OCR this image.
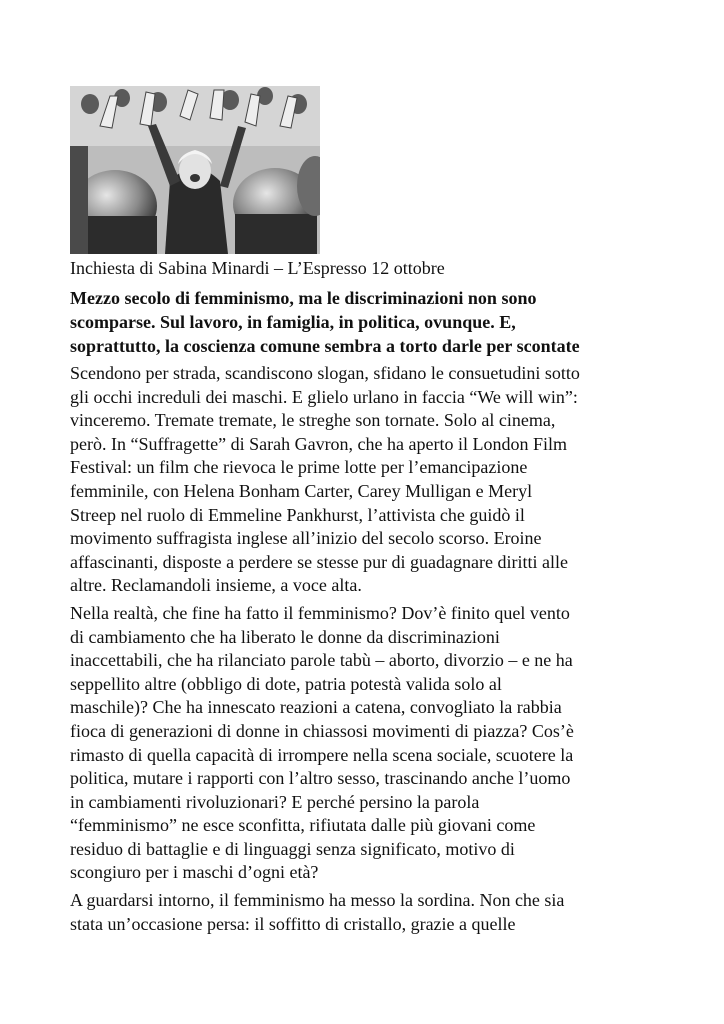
Inchiesta di Sabina Minardi – L’Espresso 12 ottobre

Mezzo secolo di femminismo, ma le discriminazioni non sono
scomparse. Sul lavoro, in famiglia, in politica, ovunque. E,
soprattutto, la coscienza comune sembra a torto darle per scontate

Scendono per strada, scandiscono slogan, sfidano le consuetudini sotto
gli occhi increduli dei maschi. E glielo urlano in faccia “We will win”:
vinceremo. Tremate tremate, le streghe son tornate. Solo al cinema,
però. In “Suffragette” di Sarah Gavron, che ha aperto il London Film
Festival: un film che rievoca le prime lotte per l’emancipazione
femminile, con Helena Bonham Carter, Carey Mulligan e Meryl
Streep nel ruolo di Emmeline Pankhurst, l’attivista che guidò il
movimento suffragista inglese all’inizio del secolo scorso. Eroine
affascinanti, disposte a perdere se stesse pur di guadagnare diritti alle
altre. Reclamandoli insieme, a voce alta.

Nella realtà, che fine ha fatto il femminismo? Dov’è finito quel vento
di cambiamento che ha liberato le donne da discriminazioni
inaccettabili, che ha rilanciato parole tabù – aborto, divorzio – e ne ha
seppellito altre (obbligo di dote, patria potestà valida solo al
maschile)? Che ha innescato reazioni a catena, convogliato la rabbia
fioca di generazioni di donne in chiassosi movimenti di piazza? Cos’è
rimasto di quella capacità di irrompere nella scena sociale, scuotere la
politica, mutare i rapporti con l’altro sesso, trascinando anche l’uomo
in cambiamenti rivoluzionari? E perché persino la parola
“femminismo” ne esce sconfitta, rifiutata dalle più giovani come
residuo di battaglie e di linguaggi senza significato, motivo di
scongiuro per i maschi d’ogni età?

A guardarsi intorno, il femminismo ha messo la sordina. Non che sia
stata un’occasione persa: il soffitto di cristallo, grazie a quelle
